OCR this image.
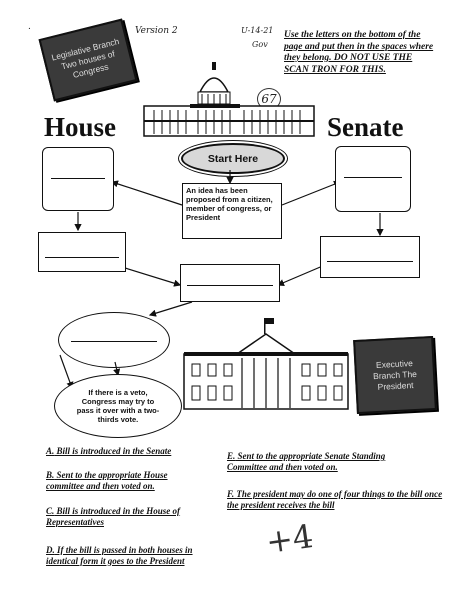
.	Version 2	U-14-21
Gov
67
Legislative Branch Two houses of Congress
Use the letters on the bottom of the page and put then in the spaces where they belong. DO NOT USE THE SCAN TRON FOR THIS.
House	Senate
Start Here
An idea has been proposed from a citizen, member of congress, or President
If there is a veto, Congress may try to pass it over with a two-thirds vote.
Executive Branch The President
A. Bill is introduced in the Senate
B. Sent to the appropriate House committee and then voted on.
C. Bill is introduced in the House of Representatives
D. If the bill is passed in both houses in identical form it goes to the President
E. Sent to the appropriate Senate Standing Committee and then voted on.
F. The president may do one of four things to the bill once the president receives the bill
+4
